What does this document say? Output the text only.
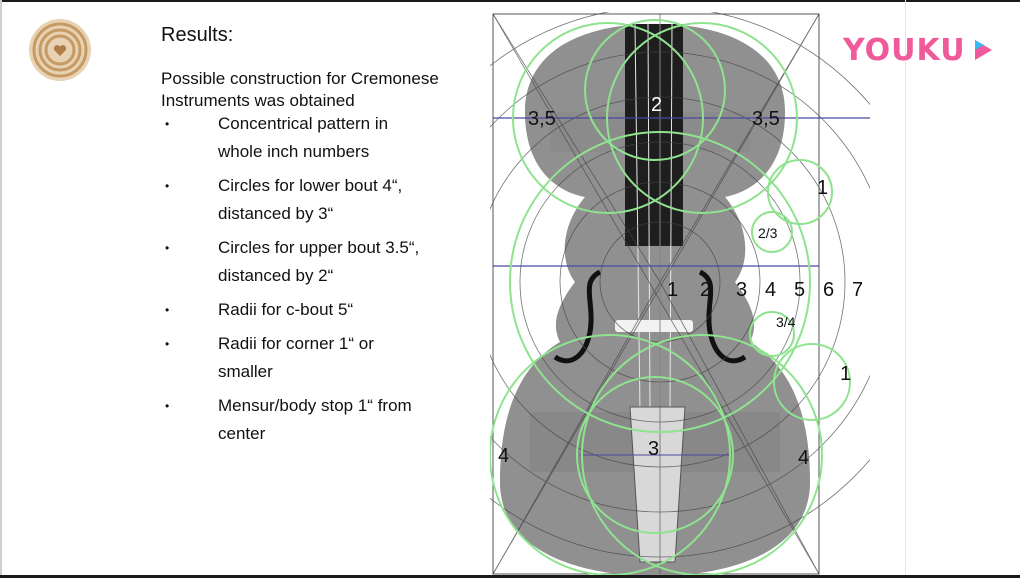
Results:
Possible construction for Cremonese
Instruments was obtained
•	Concentrical pattern in
whole inch numbers
•	Circles for lower bout 4“,
distanced by 3“
•	Circles for upper bout 3.5“,
distanced by 2“
•	Radii for c-bout 5“
•	Radii for corner 1“ or
smaller
•	Mensur/body stop 1“ from
center
3,5
2
3,5
1
2/3
1 2 3 4 5 6 7
3/4
1
4	3	4
YOUKU
